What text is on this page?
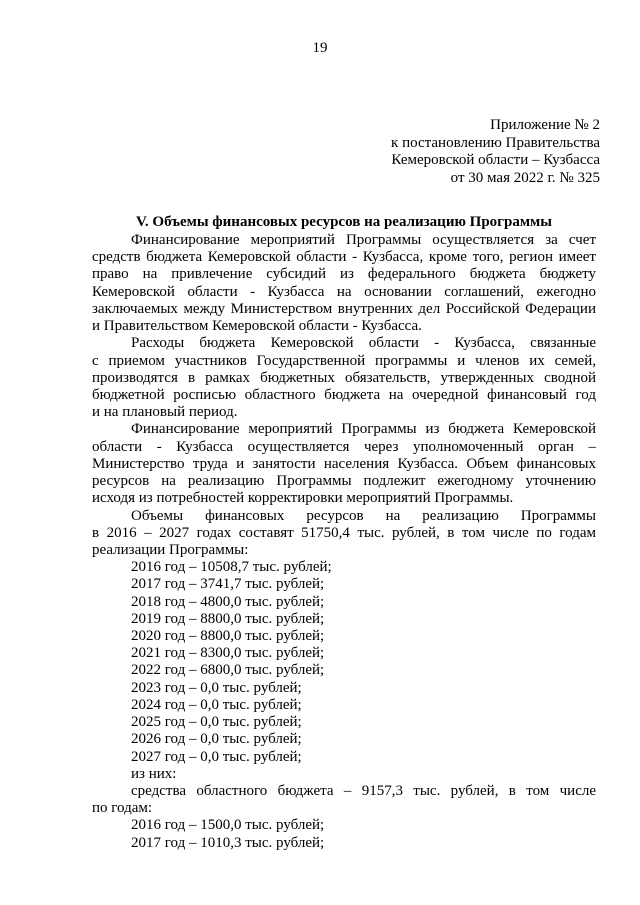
19
Приложение № 2
к постановлению Правительства
Кемеровской области – Кузбасса
от 30 мая 2022 г. № 325
V. Объемы финансовых ресурсов на реализацию Программы
Финансирование мероприятий Программы осуществляется за счет
средств бюджета Кемеровской области - Кузбасса, кроме того, регион имеет
право на привлечение субсидий из федерального бюджета бюджету
Кемеровской области - Кузбасса на основании соглашений, ежегодно
заключаемых между Министерством внутренних дел Российской Федерации
и Правительством Кемеровской области - Кузбасса.
Расходы бюджета Кемеровской области - Кузбасса, связанные
с приемом участников Государственной программы и членов их семей,
производятся в рамках бюджетных обязательств, утвержденных сводной
бюджетной росписью областного бюджета на очередной финансовый год
и на плановый период.
Финансирование мероприятий Программы из бюджета Кемеровской
области - Кузбасса осуществляется через уполномоченный орган –
Министерство труда и занятости населения Кузбасса. Объем финансовых
ресурсов на реализацию Программы подлежит ежегодному уточнению
исходя из потребностей корректировки мероприятий Программы.
Объемы финансовых ресурсов на реализацию Программы
в 2016 – 2027 годах составят 51750,4 тыс. рублей, в том числе по годам
реализации Программы:
2016 год – 10508,7 тыс. рублей;
2017 год – 3741,7 тыс. рублей;
2018 год – 4800,0 тыс. рублей;
2019 год – 8800,0 тыс. рублей;
2020 год – 8800,0 тыс. рублей;
2021 год – 8300,0 тыс. рублей;
2022 год – 6800,0 тыс. рублей;
2023 год – 0,0 тыс. рублей;
2024 год – 0,0 тыс. рублей;
2025 год – 0,0 тыс. рублей;
2026 год – 0,0 тыс. рублей;
2027 год – 0,0 тыс. рублей;
из них:
средства областного бюджета – 9157,3 тыс. рублей, в том числе
по годам:
2016 год – 1500,0 тыс. рублей;
2017 год – 1010,3 тыс. рублей;
